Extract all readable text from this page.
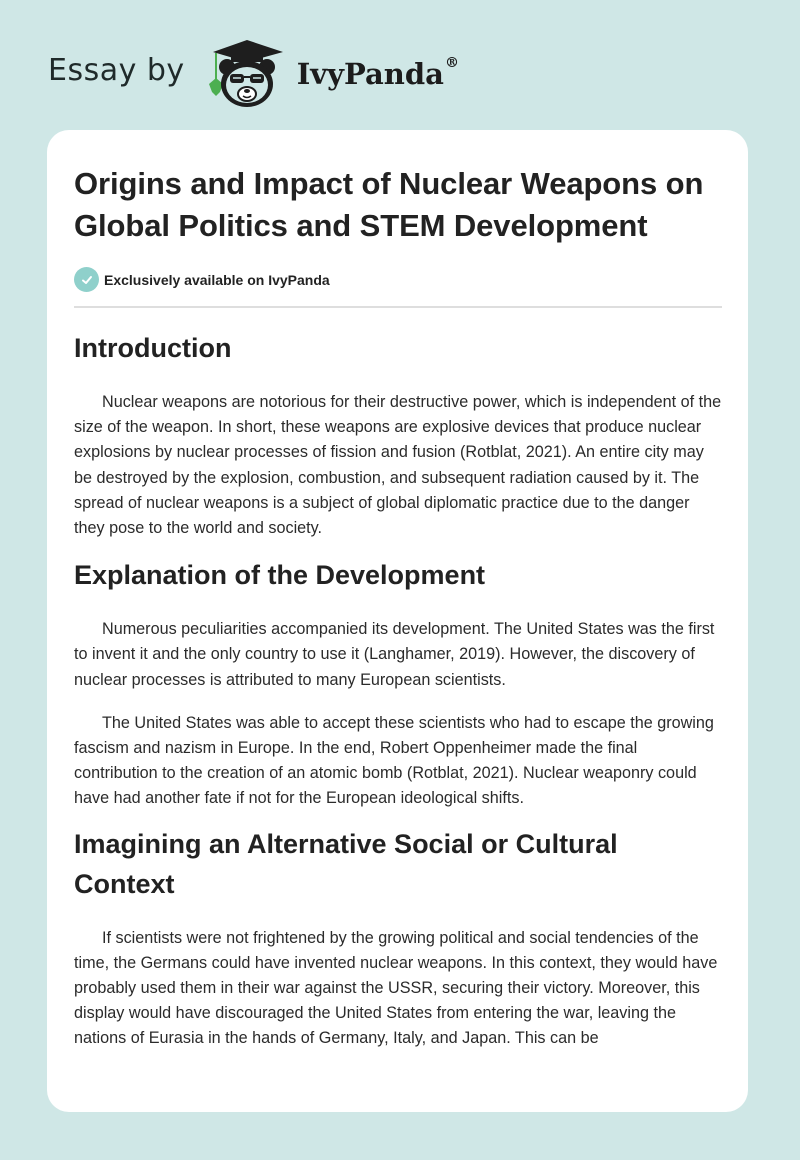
Essay by	IvyPanda®
Origins and Impact of Nuclear Weapons on Global Politics and STEM Development
Exclusively available on IvyPanda
Introduction

Nuclear weapons are notorious for their destructive power, which is independent of the size of the weapon. In short, these weapons are explosive devices that produce nuclear explosions by nuclear processes of fission and fusion (Rotblat, 2021). An entire city may be destroyed by the explosion, combustion, and subsequent radiation caused by it. The spread of nuclear weapons is a subject of global diplomatic practice due to the danger they pose to the world and society.

Explanation of the Development

Numerous peculiarities accompanied its development. The United States was the first to invent it and the only country to use it (Langhamer, 2019). However, the discovery of nuclear processes is attributed to many European scientists.

The United States was able to accept these scientists who had to escape the growing fascism and nazism in Europe. In the end, Robert Oppenheimer made the final contribution to the creation of an atomic bomb (Rotblat, 2021). Nuclear weaponry could have had another fate if not for the European ideological shifts.

Imagining an Alternative Social or Cultural Context

If scientists were not frightened by the growing political and social tendencies of the time, the Germans could have invented nuclear weapons. In this context, they would have probably used them in their war against the USSR, securing their victory. Moreover, this display would have discouraged the United States from entering the war, leaving the nations of Eurasia in the hands of Germany, Italy, and Japan. This can be
